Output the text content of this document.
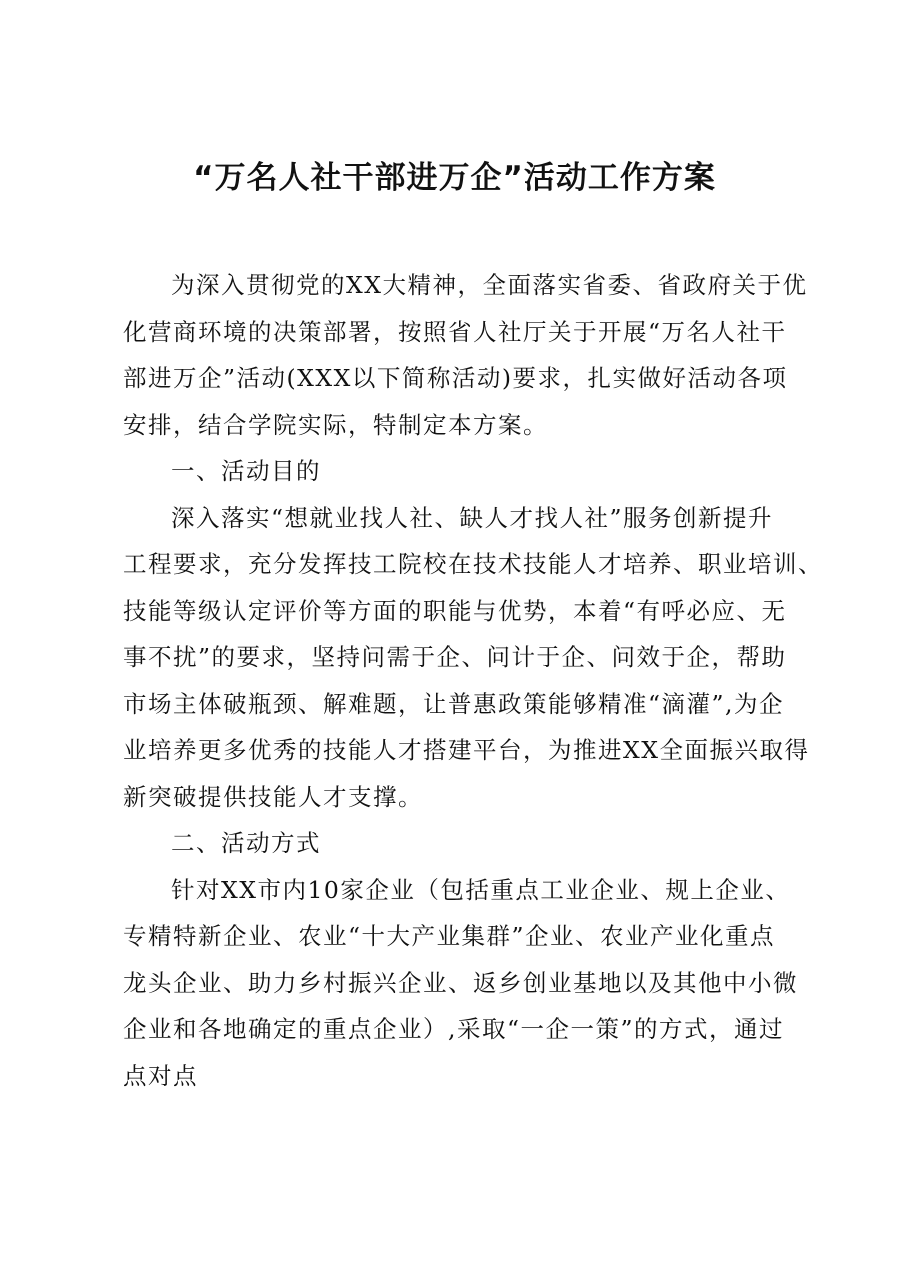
“万名人社干部进万企”活动工作方案

为深入贯彻党的XX大精神，全面落实省委、省政府关于优

化营商环境的决策部署，按照省人社厅关于开展“万名人社干

部进万企”活动(XXX以下简称活动)要求，扎实做好活动各项

安排，结合学院实际，特制定本方案。

一、活动目的

深入落实“想就业找人社、缺人才找人社”服务创新提升

工程要求，充分发挥技工院校在技术技能人才培养、职业培训、

技能等级认定评价等方面的职能与优势，本着“有呼必应、无

事不扰”的要求，坚持问需于企、问计于企、问效于企，帮助

市场主体破瓶颈、解难题，让普惠政策能够精准“滴灌”,为企

业培养更多优秀的技能人才搭建平台，为推进XX全面振兴取得

新突破提供技能人才支撑。

二、活动方式

针对XX市内10家企业（包括重点工业企业、规上企业、

专精特新企业、农业“十大产业集群”企业、农业产业化重点

龙头企业、助力乡村振兴企业、返乡创业基地以及其他中小微

企业和各地确定的重点企业）,采取“一企一策”的方式，通过

点对点
